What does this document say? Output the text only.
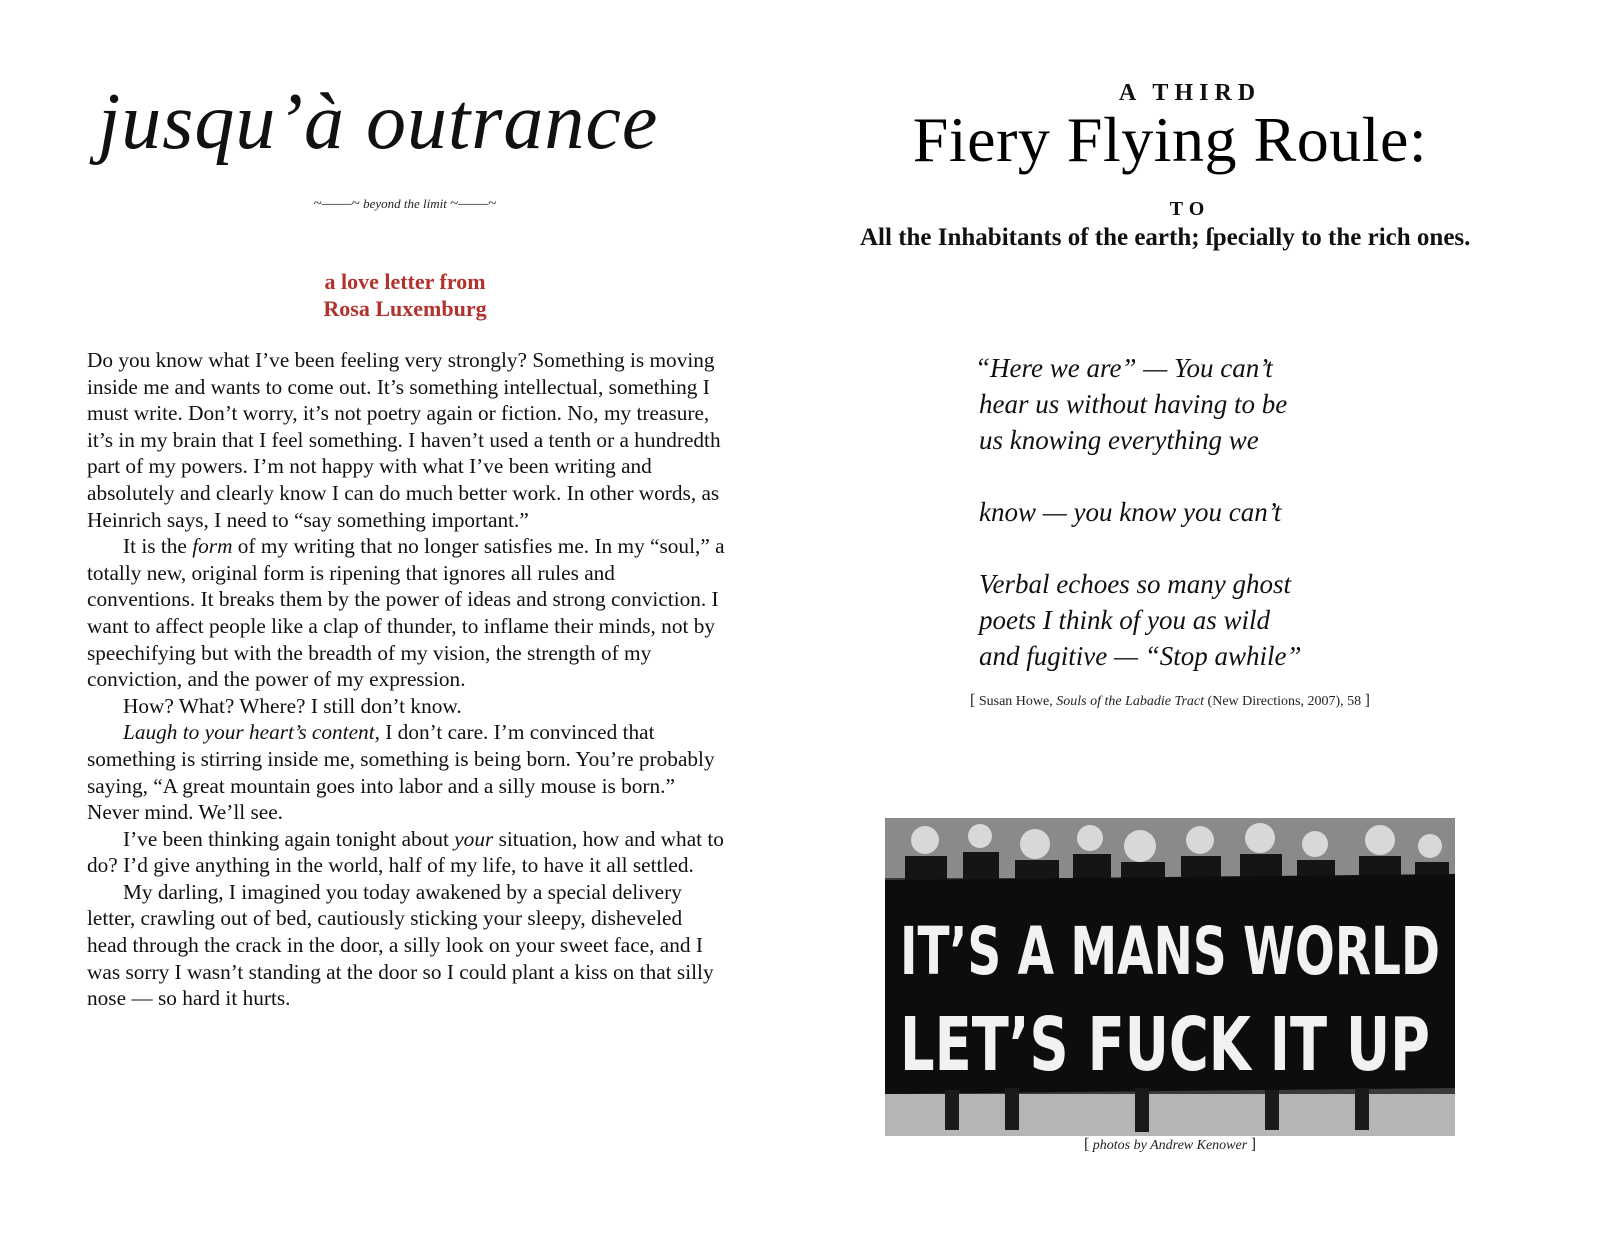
jusqu’à outrance
~——~ beyond the limit ~——~
a love letter from
Rosa Luxemburg

Do you know what I’ve been feeling very strongly? Something is moving inside me and wants to come out. It’s something intellectual, something I must write. Don’t worry, it’s not poetry again or fiction. No, my treasure, it’s in my brain that I feel something. I haven’t used a tenth or a hundredth part of my powers. I’m not happy with what I’ve been writing and absolutely and clearly know I can do much better work. In other words, as Heinrich says, I need to “say something important.”

It is the form of my writing that no longer satisfies me. In my “soul,” a totally new, original form is ripening that ignores all rules and conventions. It breaks them by the power of ideas and strong conviction. I want to affect people like a clap of thunder, to inflame their minds, not by speechifying but with the breadth of my vision, the strength of my conviction, and the power of my expression.

How? What? Where? I still don’t know.

Laugh to your heart’s content, I don’t care. I’m convinced that something is stirring inside me, something is being born. You’re probably saying, “A great mountain goes into labor and a silly mouse is born.” Never mind. We’ll see.

I’ve been thinking again tonight about your situation, how and what to do? I’d give anything in the world, half of my life, to have it all settled.

My darling, I imagined you today awakened by a special delivery letter, crawling out of bed, cautiously sticking your sleepy, disheveled head through the crack in the door, a silly look on your sweet face, and I was sorry I wasn’t standing at the door so I could plant a kiss on that silly nose — so hard it hurts.

A THIRD
Fiery Flying Roule:
TO
All the Inhabitants of the earth; ſpecially to the rich ones.
“Here we are” — You can’t
hear us without having to be
us knowing everything we
know — you know you can’t
Verbal echoes so many ghost
poets I think of you as wild
and fugitive — “Stop awhile”
[ Susan Howe, Souls of the Labadie Tract (New Directions, 2007), 58 ]
IT’S A MANS WORLD
LET’S FUCK IT UP
[ photos by Andrew Kenower ]
